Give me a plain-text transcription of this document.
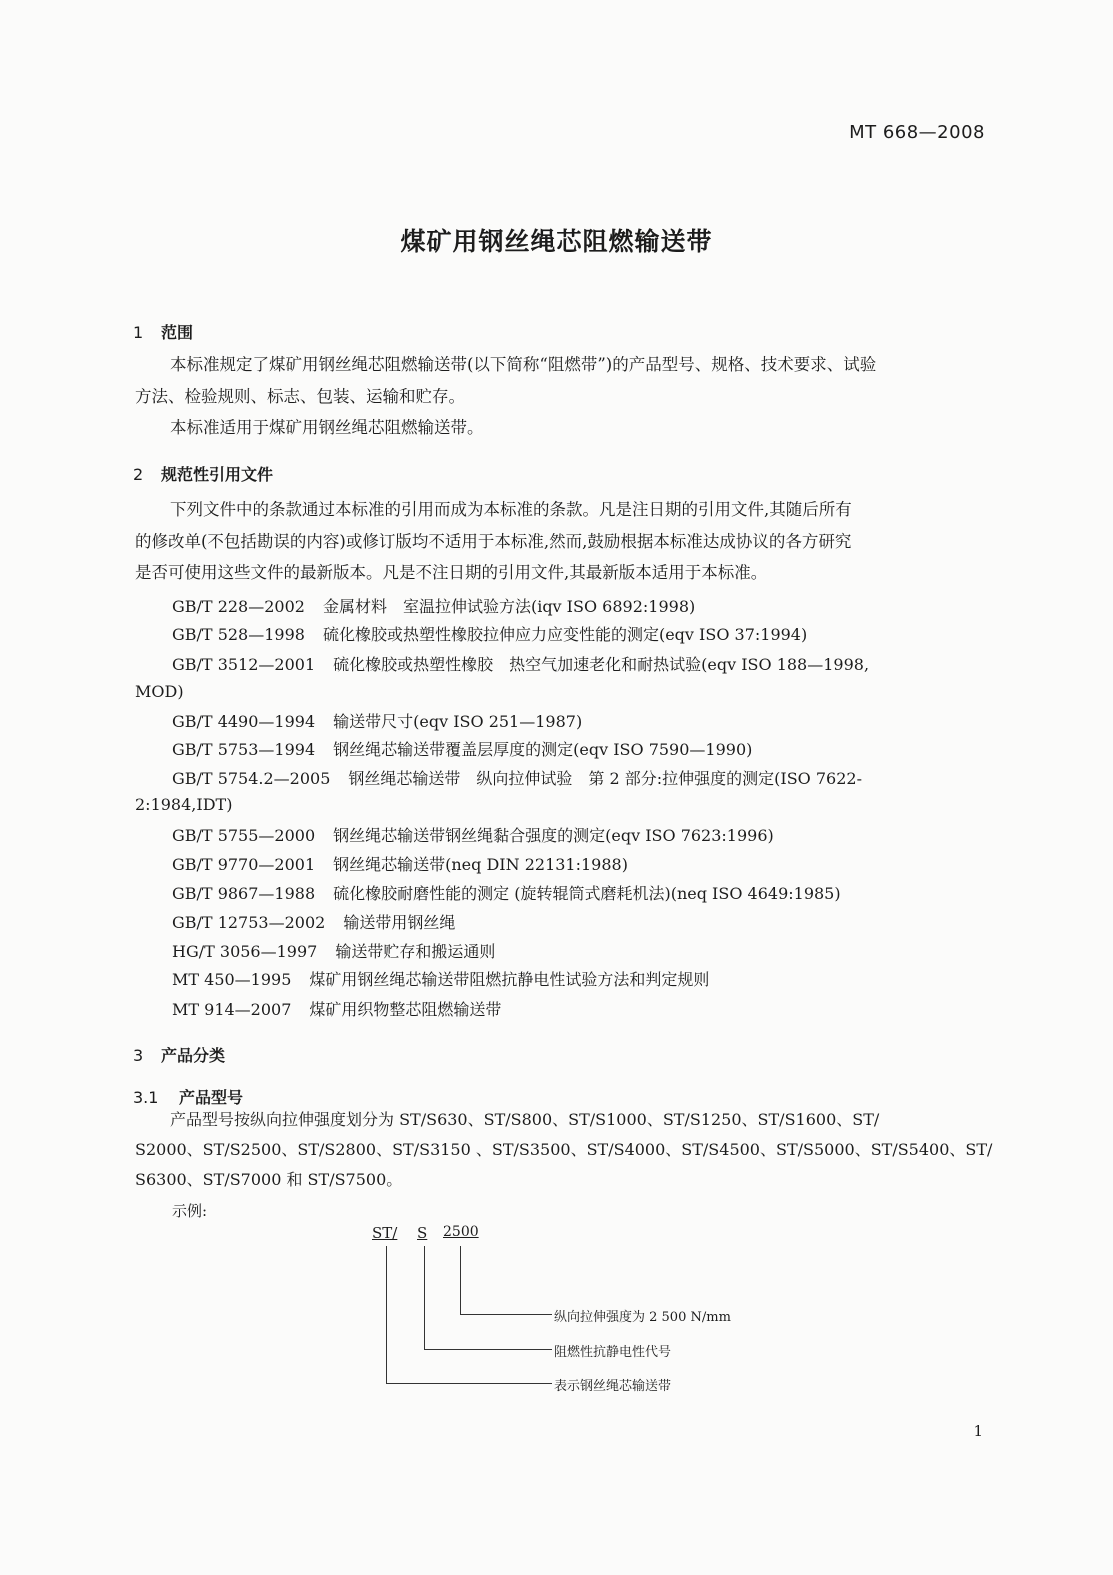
MT 668—2008
煤矿用钢丝绳芯阻燃输送带
1 范围
本标准规定了煤矿用钢丝绳芯阻燃输送带(以下简称“阻燃带”)的产品型号、规格、技术要求、试验
方法、检验规则、标志、包装、运输和贮存。
本标准适用于煤矿用钢丝绳芯阻燃输送带。
2 规范性引用文件
下列文件中的条款通过本标准的引用而成为本标准的条款。凡是注日期的引用文件,其随后所有
的修改单(不包括勘误的内容)或修订版均不适用于本标准,然而,鼓励根据本标准达成协议的各方研究
是否可使用这些文件的最新版本。凡是不注日期的引用文件,其最新版本适用于本标准。
GB/T 228—2002 金属材料　室温拉伸试验方法(iqv ISO 6892:1998)
GB/T 528—1998 硫化橡胶或热塑性橡胶拉伸应力应变性能的测定(eqv ISO 37:1994)
GB/T 3512—2001 硫化橡胶或热塑性橡胶　热空气加速老化和耐热试验(eqv ISO 188—1998,
MOD)
GB/T 4490—1994 输送带尺寸(eqv ISO 251—1987)
GB/T 5753—1994 钢丝绳芯输送带覆盖层厚度的测定(eqv ISO 7590—1990)
GB/T 5754.2—2005 钢丝绳芯输送带　纵向拉伸试验　第 2 部分:拉伸强度的测定(ISO 7622-
2:1984,IDT)
GB/T 5755—2000 钢丝绳芯输送带钢丝绳黏合强度的测定(eqv ISO 7623:1996)
GB/T 9770—2001 钢丝绳芯输送带(neq DIN 22131:1988)
GB/T 9867—1988 硫化橡胶耐磨性能的测定 (旋转辊筒式磨耗机法)(neq ISO 4649:1985)
GB/T 12753—2002 输送带用钢丝绳
HG/T 3056—1997 输送带贮存和搬运通则
MT 450—1995 煤矿用钢丝绳芯输送带阻燃抗静电性试验方法和判定规则
MT 914—2007 煤矿用织物整芯阻燃输送带
3 产品分类
3.1 产品型号
产品型号按纵向拉伸强度划分为 ST/S630、ST/S800、ST/S1000、ST/S1250、ST/S1600、ST/
S2000、ST/S2500、ST/S2800、ST/S3150 、ST/S3500、ST/S4000、ST/S4500、ST/S5000、ST/S5400、ST/
S6300、ST/S7000 和 ST/S7500。
示例:
ST/ S 2500
纵向拉伸强度为 2 500 N/mm
阻燃性抗静电性代号
表示钢丝绳芯输送带
1
